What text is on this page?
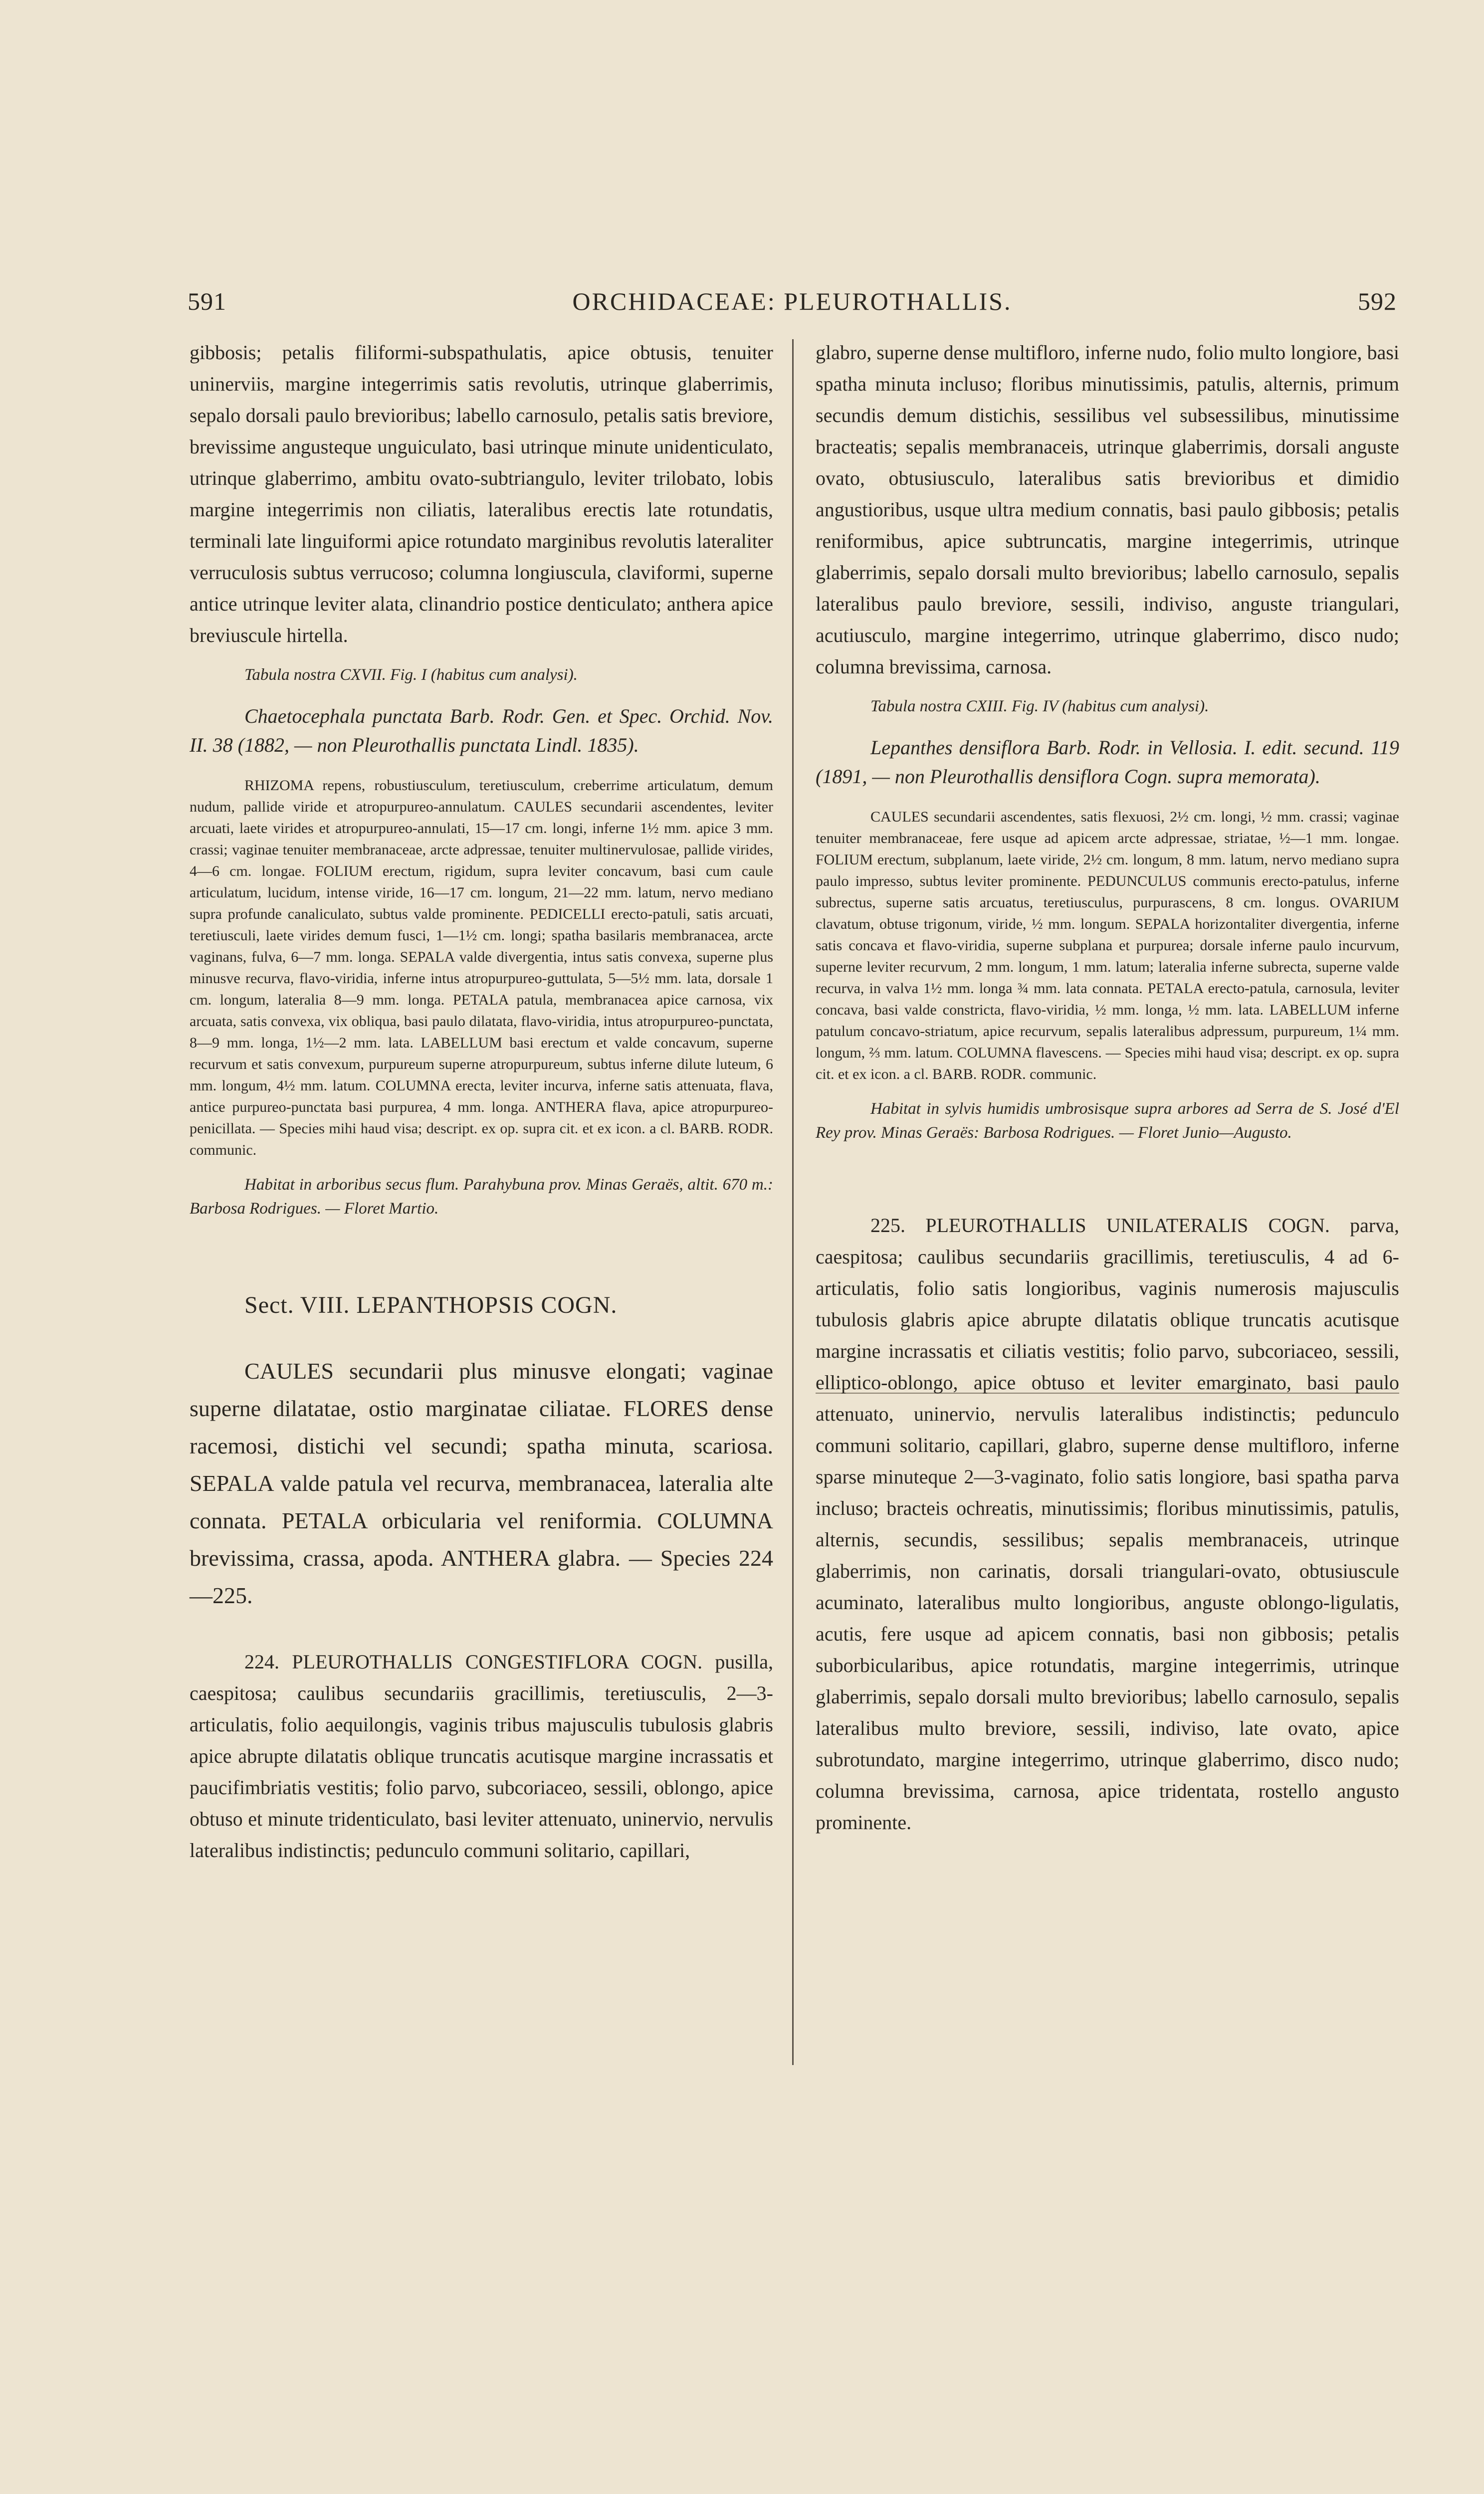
591	ORCHIDACEAE: PLEUROTHALLIS.	592

gibbosis; petalis filiformi-subspathulatis, apice obtusis, tenuiter uninerviis, margine integerrimis satis revolutis, utrinque glaberrimis, sepalo dorsali paulo brevioribus; labello carnosulo, petalis satis breviore, brevissime angusteque unguiculato, basi utrinque minute unidenticulato, utrinque glaberrimo, ambitu ovato-subtriangulo, leviter trilobato, lobis margine integerrimis non ciliatis, lateralibus erectis late rotundatis, terminali late linguiformi apice rotundato marginibus revolutis lateraliter verruculosis subtus verrucoso; columna longiuscula, claviformi, superne antice utrinque leviter alata, clinandrio postice denticulato; anthera apice breviuscule hirtella.

Tabula nostra CXVII. Fig. I (habitus cum analysi).

Chaetocephala punctata Barb. Rodr. Gen. et Spec. Orchid. Nov. II. 38 (1882, — non Pleurothallis punctata Lindl. 1835).

RHIZOMA repens, robustiusculum, teretiusculum, creberrime articulatum, demum nudum, pallide viride et atropurpureo-annulatum. CAULES secundarii ascendentes, leviter arcuati, laete virides et atropurpureo-annulati, 15—17 cm. longi, inferne 1½ mm. apice 3 mm. crassi; vaginae tenuiter membranaceae, arcte adpressae, tenuiter multinervulosae, pallide virides, 4—6 cm. longae. FOLIUM erectum, rigidum, supra leviter concavum, basi cum caule articulatum, lucidum, intense viride, 16—17 cm. longum, 21—22 mm. latum, nervo mediano supra profunde canaliculato, subtus valde prominente. PEDICELLI erecto-patuli, satis arcuati, teretiusculi, laete virides demum fusci, 1—1½ cm. longi; spatha basilaris membranacea, arcte vaginans, fulva, 6—7 mm. longa. SEPALA valde divergentia, intus satis convexa, superne plus minusve recurva, flavo-viridia, inferne intus atropurpureo-guttulata, 5—5½ mm. lata, dorsale 1 cm. longum, lateralia 8—9 mm. longa. PETALA patula, membranacea apice carnosa, vix arcuata, satis convexa, vix obliqua, basi paulo dilatata, flavo-viridia, intus atropurpureo-punctata, 8—9 mm. longa, 1½—2 mm. lata. LABELLUM basi erectum et valde concavum, superne recurvum et satis convexum, purpureum superne atropurpureum, subtus inferne dilute luteum, 6 mm. longum, 4½ mm. latum. COLUMNA erecta, leviter incurva, inferne satis attenuata, flava, antice purpureo-punctata basi purpurea, 4 mm. longa. ANTHERA flava, apice atropurpureo-penicillata. — Species mihi haud visa; descript. ex op. supra cit. et ex icon. a cl. BARB. RODR. communic.

Habitat in arboribus secus flum. Parahybuna prov. Minas Geraës, altit. 670 m.: Barbosa Rodrigues. — Floret Martio.

Sect. VIII. LEPANTHOPSIS COGN.

CAULES secundarii plus minusve elongati; vaginae superne dilatatae, ostio marginatae ciliatae. FLORES dense racemosi, distichi vel secundi; spatha minuta, scariosa. SEPALA valde patula vel recurva, membranacea, lateralia alte connata. PETALA orbicularia vel reniformia. COLUMNA brevissima, crassa, apoda. ANTHERA glabra. — Species 224—225.

224. PLEUROTHALLIS CONGESTIFLORA COGN. pusilla, caespitosa; caulibus secundariis gracillimis, teretiusculis, 2—3-articulatis, folio aequilongis, vaginis tribus majusculis tubulosis glabris apice abrupte dilatatis oblique truncatis acutisque margine incrassatis et paucifimbriatis vestitis; folio parvo, subcoriaceo, sessili, oblongo, apice obtuso et minute tridenticulato, basi leviter attenuato, uninervio, nervulis lateralibus indistinctis; pedunculo communi solitario, capillari,

glabro, superne dense multifloro, inferne nudo, folio multo longiore, basi spatha minuta incluso; floribus minutissimis, patulis, alternis, primum secundis demum distichis, sessilibus vel subsessilibus, minutissime bracteatis; sepalis membranaceis, utrinque glaberrimis, dorsali anguste ovato, obtusiusculo, lateralibus satis brevioribus et dimidio angustioribus, usque ultra medium connatis, basi paulo gibbosis; petalis reniformibus, apice subtruncatis, margine integerrimis, utrinque glaberrimis, sepalo dorsali multo brevioribus; labello carnosulo, sepalis lateralibus paulo breviore, sessili, indiviso, anguste triangulari, acutiusculo, margine integerrimo, utrinque glaberrimo, disco nudo; columna brevissima, carnosa.

Tabula nostra CXIII. Fig. IV (habitus cum analysi).

Lepanthes densiflora Barb. Rodr. in Vellosia. I. edit. secund. 119 (1891, — non Pleurothallis densiflora Cogn. supra memorata).

CAULES secundarii ascendentes, satis flexuosi, 2½ cm. longi, ½ mm. crassi; vaginae tenuiter membranaceae, fere usque ad apicem arcte adpressae, striatae, ½—1 mm. longae. FOLIUM erectum, subplanum, laete viride, 2½ cm. longum, 8 mm. latum, nervo mediano supra paulo impresso, subtus leviter prominente. PEDUNCULUS communis erecto-patulus, inferne subrectus, superne satis arcuatus, teretiusculus, purpurascens, 8 cm. longus. OVARIUM clavatum, obtuse trigonum, viride, ½ mm. longum. SEPALA horizontaliter divergentia, inferne satis concava et flavo-viridia, superne subplana et purpurea; dorsale inferne paulo incurvum, superne leviter recurvum, 2 mm. longum, 1 mm. latum; lateralia inferne subrecta, superne valde recurva, in valva 1½ mm. longa ¾ mm. lata connata. PETALA erecto-patula, carnosula, leviter concava, basi valde constricta, flavo-viridia, ½ mm. longa, ½ mm. lata. LABELLUM inferne patulum concavo-striatum, apice recurvum, sepalis lateralibus adpressum, purpureum, 1¼ mm. longum, ⅔ mm. latum. COLUMNA flavescens. — Species mihi haud visa; descript. ex op. supra cit. et ex icon. a cl. BARB. RODR. communic.

Habitat in sylvis humidis umbrosisque supra arbores ad Serra de S. José d'El Rey prov. Minas Geraës: Barbosa Rodrigues. — Floret Junio—Augusto.

225. PLEUROTHALLIS UNILATERALIS COGN. parva, caespitosa; caulibus secundariis gracillimis, teretiusculis, 4 ad 6-articulatis, folio satis longioribus, vaginis numerosis majusculis tubulosis glabris apice abrupte dilatatis oblique truncatis acutisque margine incrassatis et ciliatis vestitis; folio parvo, subcoriaceo, sessili, elliptico-oblongo, apice obtuso et leviter emarginato, basi paulo attenuato, uninervio, nervulis lateralibus indistinctis; pedunculo communi solitario, capillari, glabro, superne dense multifloro, inferne sparse minuteque 2—3-vaginato, folio satis longiore, basi spatha parva incluso; bracteis ochreatis, minutissimis; floribus minutissimis, patulis, alternis, secundis, sessilibus; sepalis membranaceis, utrinque glaberrimis, non carinatis, dorsali triangulari-ovato, obtusiuscule acuminato, lateralibus multo longioribus, anguste oblongo-ligulatis, acutis, fere usque ad apicem connatis, basi non gibbosis; petalis suborbicularibus, apice rotundatis, margine integerrimis, utrinque glaberrimis, sepalo dorsali multo brevioribus; labello carnosulo, sepalis lateralibus multo breviore, sessili, indiviso, late ovato, apice subrotundato, margine integerrimo, utrinque glaberrimo, disco nudo; columna brevissima, carnosa, apice tridentata, rostello angusto prominente.
